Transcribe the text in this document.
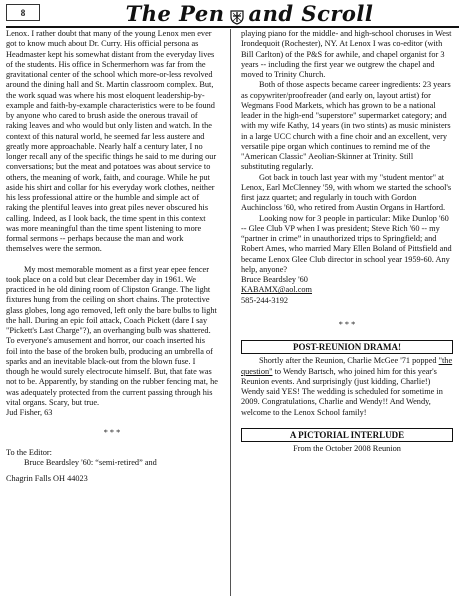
8	The Pen and Scroll

Lenox. I rather doubt that many of the young Lenox men ever got to know much about Dr. Curry. His official persona as Headmaster kept his somewhat distant from the everyday lives of the students. His office in Schermerhorn was far from the gravitational center of the school which more-or-less revolved around the dining hall and St. Martin classroom complex. But, the work squad was where his most eloquent leadership-by-example and faith-by-example characteristics were to be found by anyone who cared to brush aside the onerous travail of raking leaves and who would but only listen and watch. In the context of this natural world, he seemed far less austere and greatly more approachable. Nearly half a century later, I no longer recall any of the specific things he said to me during our conversations; but the meat and potatoes was about service to others, the meaning of work, faith, and courage. While he put aside his shirt and collar for his everyday work clothes, neither his less professional attire or the humble and simple act of raking the plentiful leaves into great piles never obscured his calling. Indeed, as I look back, the time spent in this context was more meaningful than the time spent listening to more formal sermons -- perhaps because the man and work themselves were the sermon.

My most memorable moment as a first year epee fencer took place on a cold but clear December day in 1961. We practiced in he old dining room of Clipston Grange. The light fixtures hung from the ceiling on short chains. The protective glass globes, long ago removed, left only the bare bulbs to light the hall. During an epic foil attack, Coach Pickett (dare I say "Pickett's Last Charge"?), an overhanging bulb was shattered. To everyone's amusement and horror, our coach inserted his foil into the base of the broken bulb, producing an umbrella of sparks and an inevitable black-out from the blown fuse. I though he would surely electrocute himself. But, that fate was not to be. Apparently, by standing on the rubber fencing mat, he was adequately protected from the current passing through his vital organs. Scary, but true.

Jud Fisher, 63

* * *

To the Editor:

Bruce Beardsley '60: “semi-retired” and

Chagrin Falls OH 44023

playing piano for the middle- and high-school choruses in West Irondequoit (Rochester), NY. At Lenox I was co-editor (with Bill Carlton) of the P&S for awhile, and chapel organist for 3 years -- including the first year we outgrew the chapel and moved to Trinity Church.

Both of those aspects became career ingredients: 23 years as copywriter/proofreader (and early on, layout artist) for Wegmans Food Markets, which has grown to be a national leader in the high-end "superstore" supermarket category; and with my wife Kathy, 14 years (in two stints) as music ministers in a large UCC church with a fine choir and an excellent, very versatile pipe organ which continues to remind me of the "American Classic" Aeolian-Skinner at Trinity. Still substituting regularly.

Got back in touch last year with my "student mentor" at Lenox, Earl McClenney '59, with whom we started the school's first jazz quartet; and regularly in touch with Gordon Auchincloss '60, who retired from Austin Organs in Hartford.

Looking now for 3 people in particular: Mike Dunlop '60 -- Glee Club VP when I was president; Steve Rich '60 -- my “partner in crime” in unauthorized trips to Springfield; and Robert Ames, who married Mary Ellen Boland of Pittsfield and became Lenox Glee Club director in school year 1959-60. Any help, anyone?

Bruce Beardsley '60

KABAMX@aol.com

585-244-3192

* * *

POST-REUNION DRAMA!

Shortly after the Reunion, Charlie McGee '71 popped "the question" to Wendy Bartsch, who joined him for this year's Reunion events. And surprisingly (just kidding, Charlie!) Wendy said YES! The wedding is scheduled for sometime in 2009. Congratulations, Charlie and Wendy!! And Wendy, welcome to the Lenox School family!

A PICTORIAL INTERLUDE

From the October 2008 Reunion
